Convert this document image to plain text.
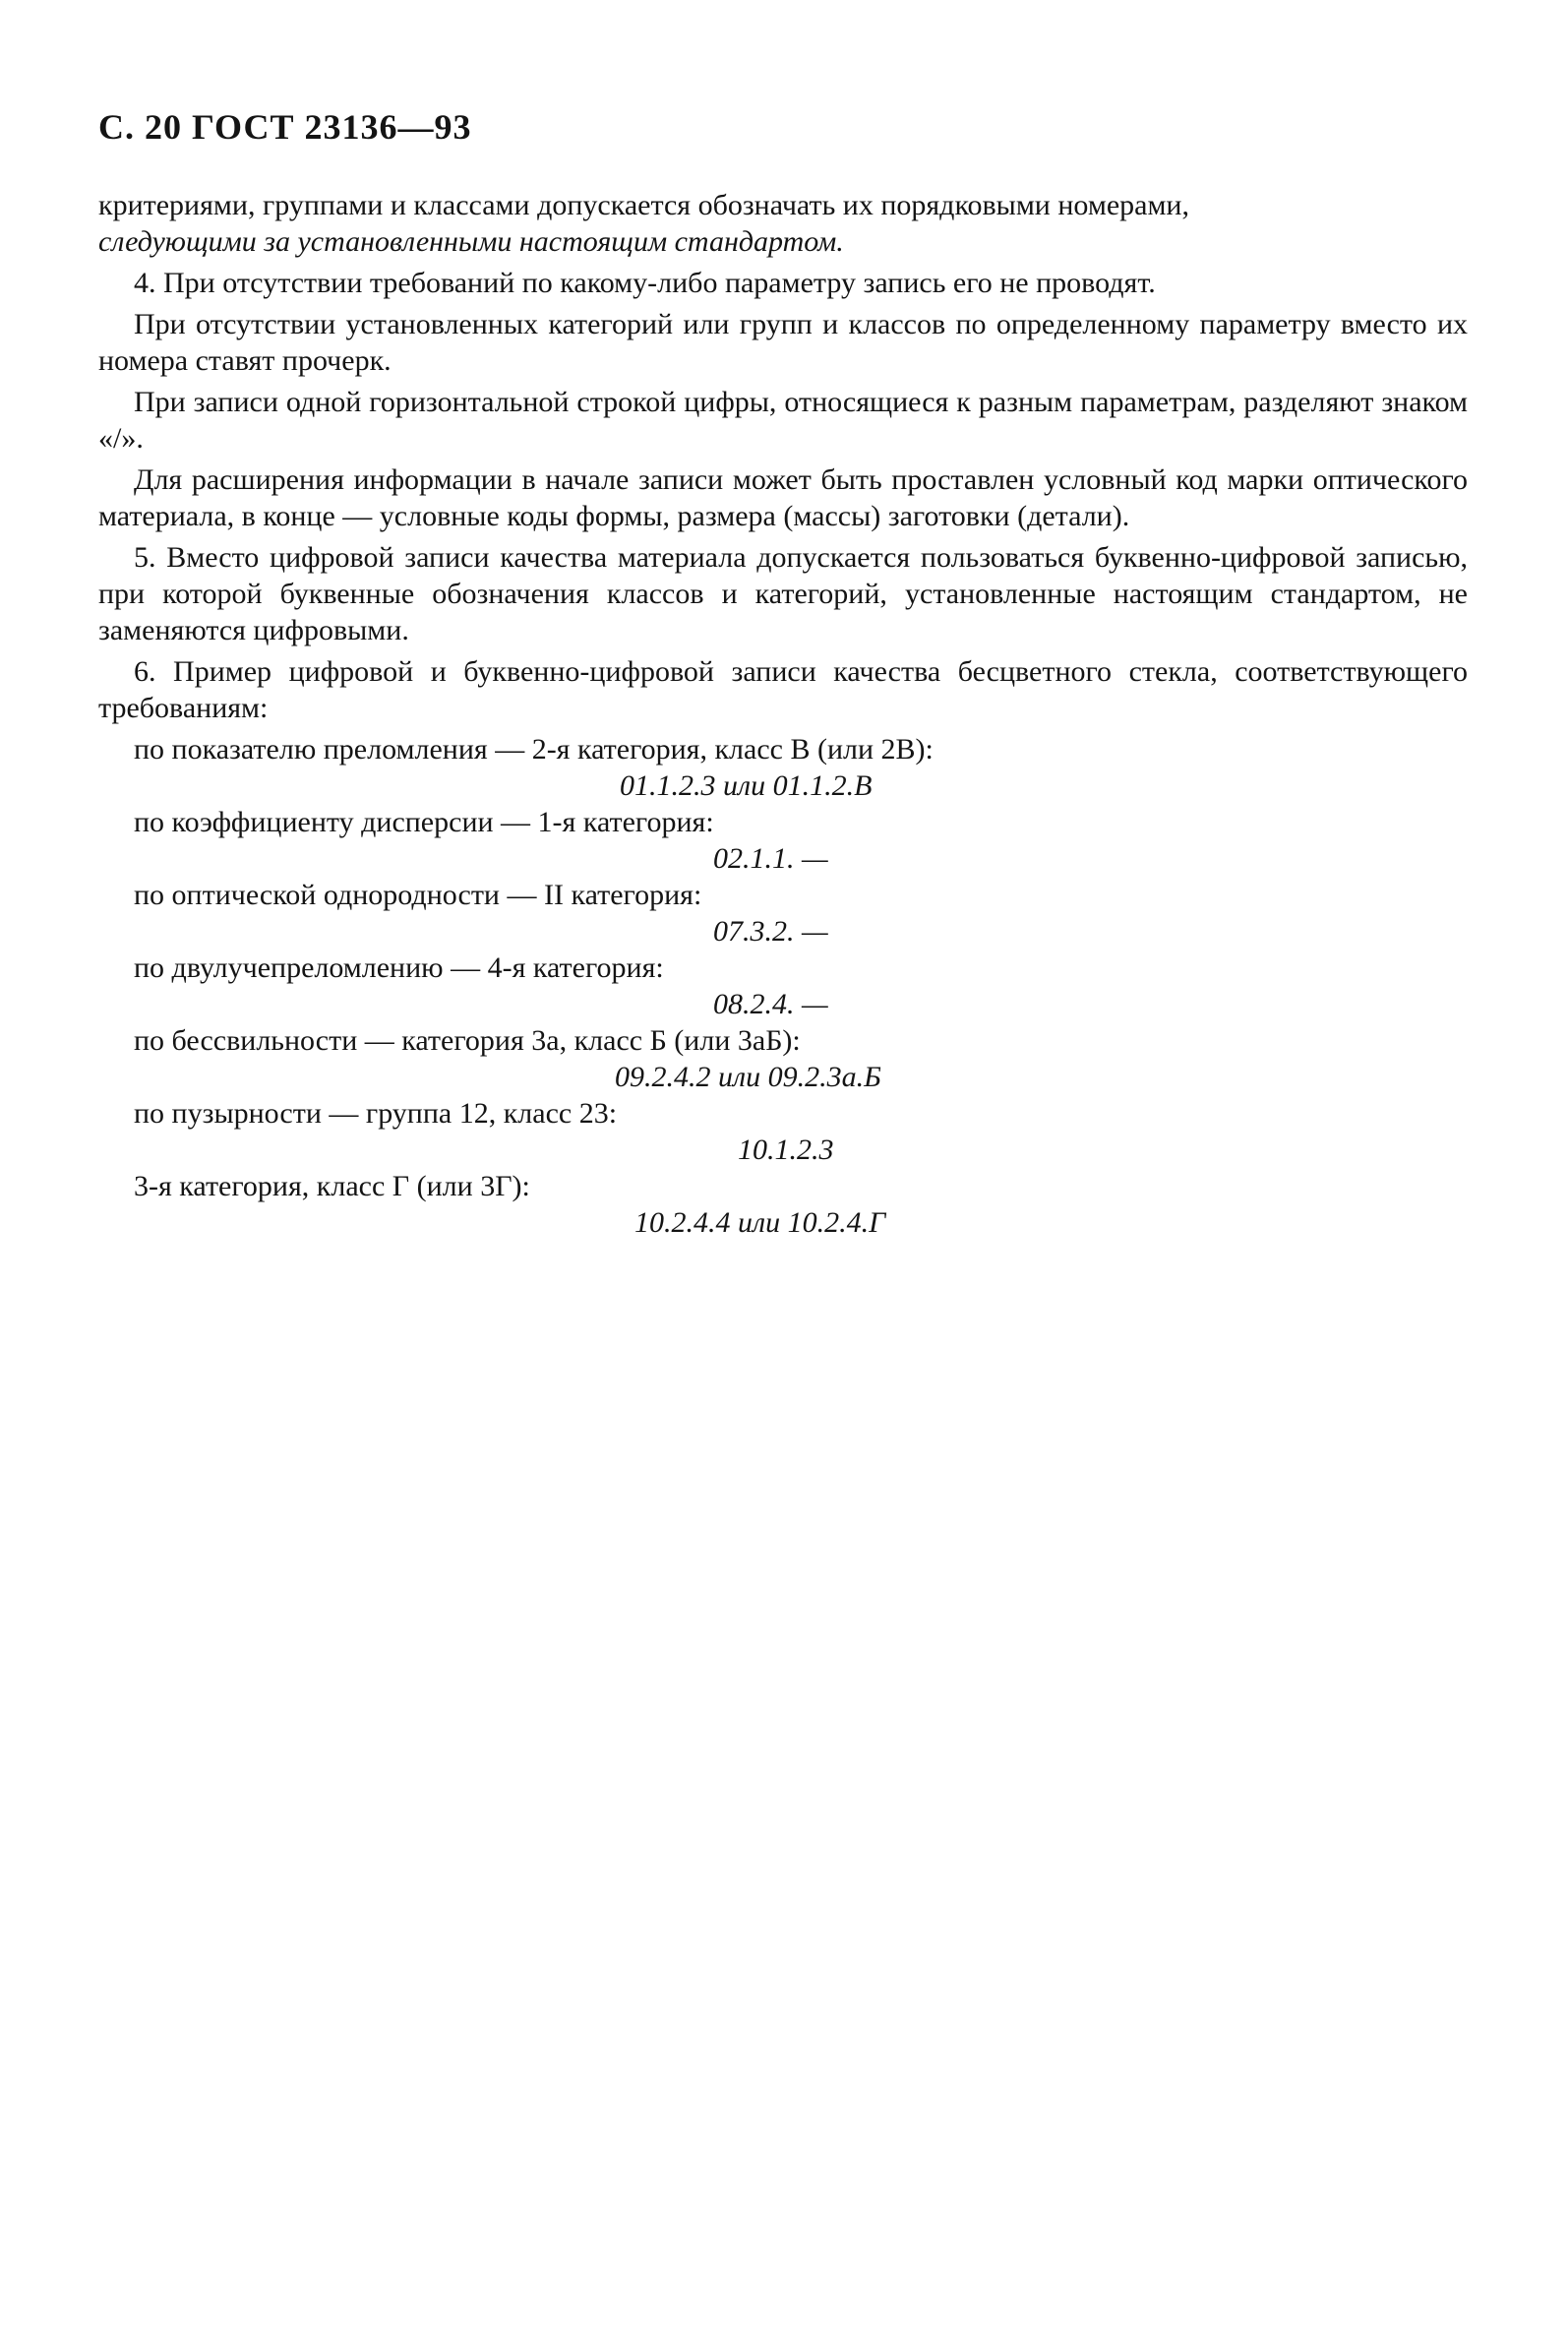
С. 20 ГОСТ 23136—93
критериями, группами и классами допускается обозначать их порядковыми номерами,
следующими за установленными настоящим стандартом.
4. При отсутствии требований по какому-либо параметру запись его не проводят.
При отсутствии установленных категорий или групп и классов по определенному параметру вместо их номера ставят прочерк.
При записи одной горизонтальной строкой цифры, относящиеся к разным параметрам, разделяют знаком «/».
Для расширения информации в начале записи может быть проставлен условный код марки оптического материала, в конце — условные коды формы, размера (массы) заготовки (детали).
5. Вместо цифровой записи качества материала допускается пользоваться буквенно-цифровой записью, при которой буквенные обозначения классов и категорий, установленные настоящим стандартом, не заменяются цифровыми.
6. Пример цифровой и буквенно-цифровой записи качества бесцветного стекла, соответствующего требованиям:
по показателю преломления — 2-я категория, класс В (или 2В):
01.1.2.3 или 01.1.2.В
по коэффициенту дисперсии — 1-я категория:
02.1.1. —
по оптической однородности — II категория:
07.3.2. —
по двулучепреломлению — 4-я категория:
08.2.4. —
по бессвильности — категория 3а, класс Б (или 3аБ):
09.2.4.2 или 09.2.3а.Б
по пузырности — группа 12, класс 23:
10.1.2.3
3-я категория, класс Г (или 3Г):
10.2.4.4 или 10.2.4.Г
